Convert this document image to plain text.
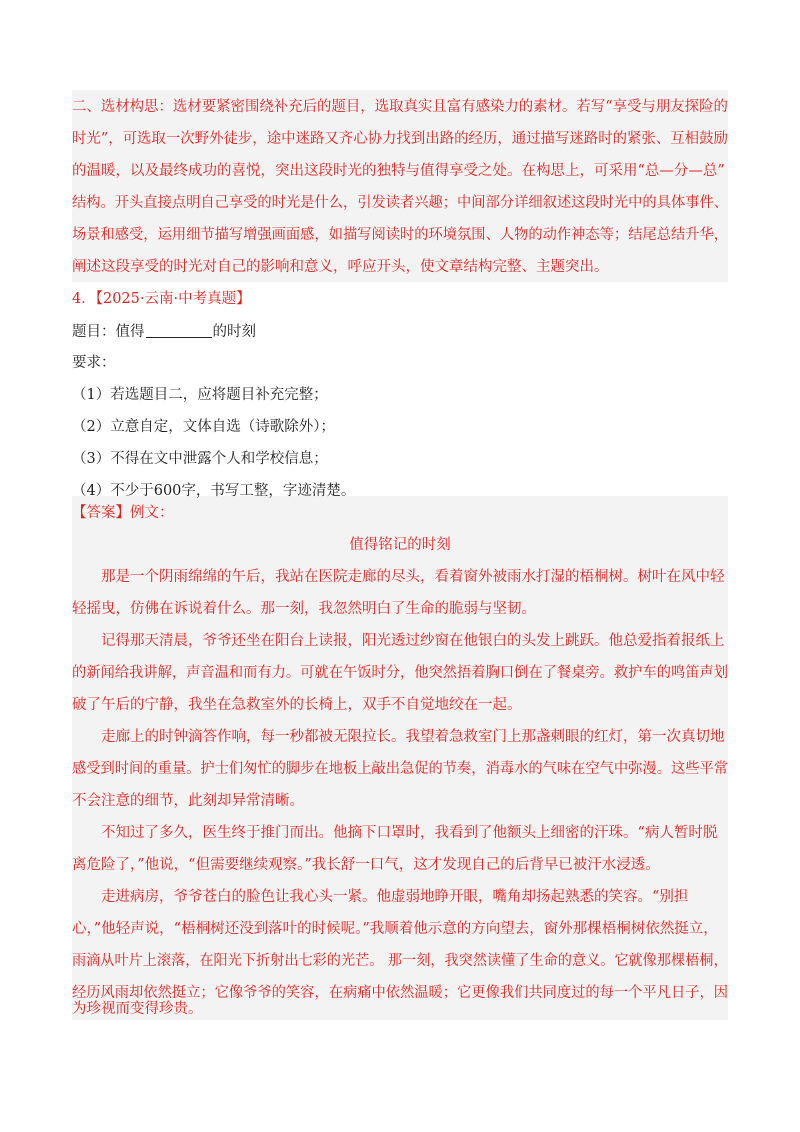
二、选材构思：选材要紧密围绕补充后的题目，选取真实且富有感染力的素材。若写“享受与朋友探险的

时光”，可选取一次野外徒步，途中迷路又齐心协力找到出路的经历，通过描写迷路时的紧张、互相鼓励

的温暖，以及最终成功的喜悦，突出这段时光的独特与值得享受之处。在构思上，可采用“总—分—总”

结构。开头直接点明自己享受的时光是什么，引发读者兴趣；中间部分详细叙述这段时光中的具体事件、

场景和感受，运用细节描写增强画面感，如描写阅读时的环境氛围、人物的动作神态等；结尾总结升华，

阐述这段享受的时光对自己的影响和意义，呼应开头，使文章结构完整、主题突出。

4．【2025·云南·中考真题】

题目：值得	的时刻

要求：

（1）若选题目二，应将题目补充完整；

（2）立意自定，文体自选（诗歌除外）；

（3）不得在文中泄露个人和学校信息；

（4）不少于600字，书写工整，字迹清楚。

【答案】例文：

值得铭记的时刻

那是一个阴雨绵绵的午后，我站在医院走廊的尽头，看着窗外被雨水打湿的梧桐树。树叶在风中轻

轻摇曳，仿佛在诉说着什么。那一刻，我忽然明白了生命的脆弱与坚韧。

记得那天清晨，爷爷还坐在阳台上读报，阳光透过纱窗在他银白的头发上跳跃。他总爱指着报纸上

的新闻给我讲解，声音温和而有力。可就在午饭时分，他突然捂着胸口倒在了餐桌旁。救护车的鸣笛声划

破了午后的宁静，我坐在急救室外的长椅上，双手不自觉地绞在一起。

走廊上的时钟滴答作响，每一秒都被无限拉长。我望着急救室门上那盏刺眼的红灯，第一次真切地

感受到时间的重量。护士们匆忙的脚步在地板上敲出急促的节奏，消毒水的气味在空气中弥漫。这些平常

不会注意的细节，此刻却异常清晰。

不知过了多久，医生终于推门而出。他摘下口罩时，我看到了他额头上细密的汗珠。“病人暂时脱

离危险了，”他说，“但需要继续观察。”我长舒一口气，这才发现自己的后背早已被汗水浸透。

走进病房，爷爷苍白的脸色让我心头一紧。他虚弱地睁开眼，嘴角却扬起熟悉的笑容。“别担

心，”他轻声说，“梧桐树还没到落叶的时候呢。”我顺着他示意的方向望去，窗外那棵梧桐树依然挺立，

雨滴从叶片上滚落，在阳光下折射出七彩的光芒。 那一刻，我突然读懂了生命的意义。它就像那棵梧桐，

经历风雨却依然挺立；它像爷爷的笑容，在病痛中依然温暖；它更像我们共同度过的每一个平凡日子，因

为珍视而变得珍贵。
